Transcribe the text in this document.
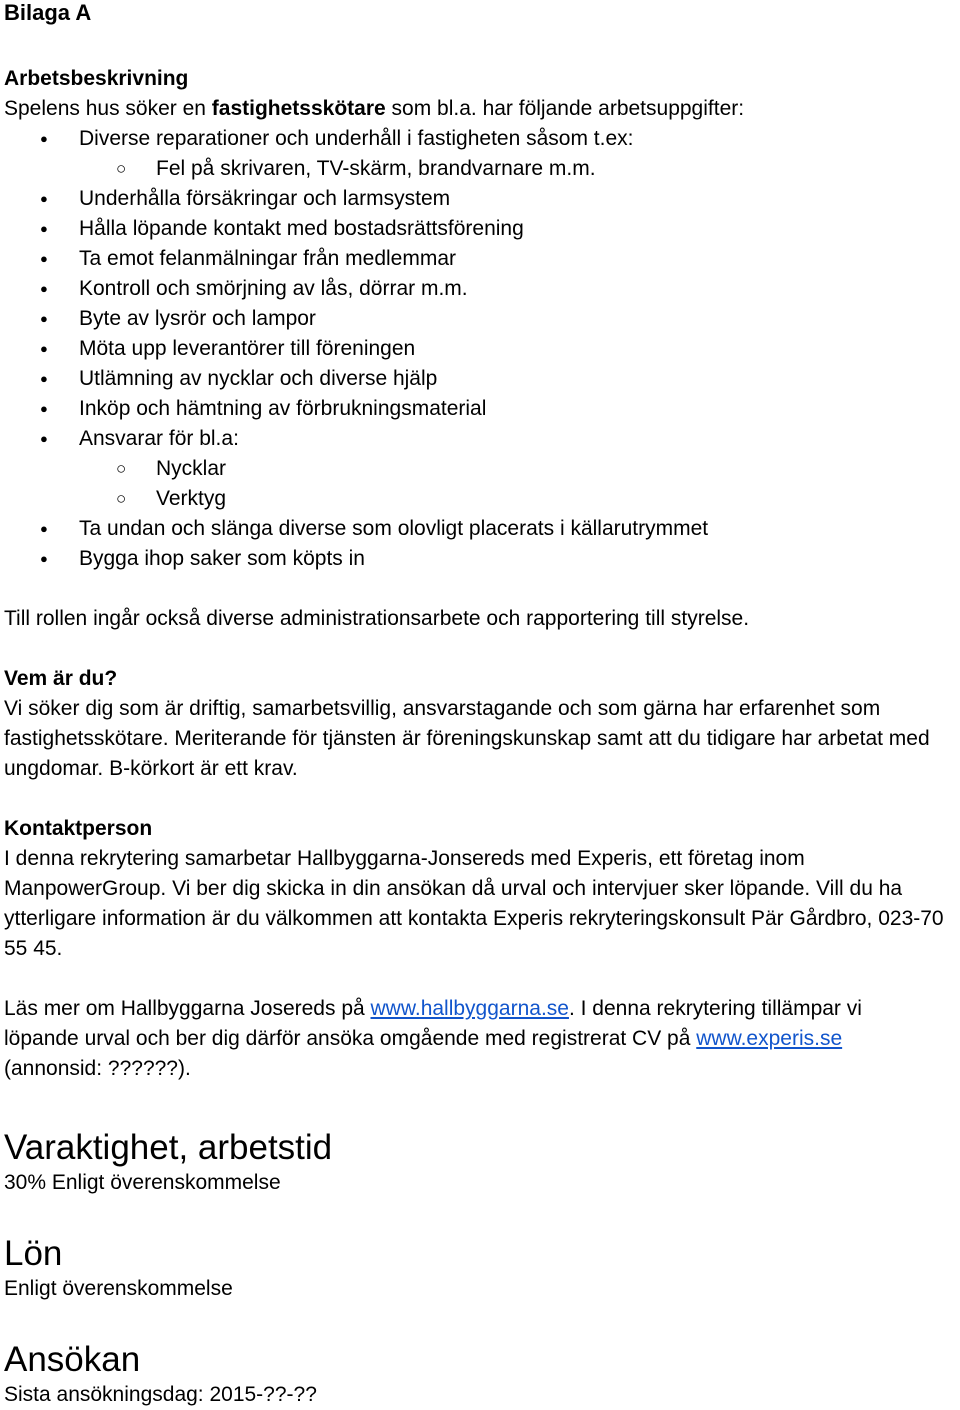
Bilaga A

Arbetsbeskrivning

Spelens hus söker en fastighetsskötare som bl.a. har följande arbetsuppgifter:

● Diverse reparationer och underhåll i fastigheten såsom t.ex:
○ Fel på skrivaren, TV-skärm, brandvarnare m.m.
● Underhålla försäkringar och larmsystem
● Hålla löpande kontakt med bostadsrättsförening
● Ta emot felanmälningar från medlemmar
● Kontroll och smörjning av lås, dörrar m.m.
● Byte av lysrör och lampor
● Möta upp leverantörer till föreningen
● Utlämning av nycklar och diverse hjälp
● Inköp och hämtning av förbrukningsmaterial
● Ansvarar för bl.a:
○ Nycklar
○ Verktyg
● Ta undan och slänga diverse som olovligt placerats i källarutrymmet
● Bygga ihop saker som köpts in

Till rollen ingår också diverse administrationsarbete och rapportering till styrelse.

Vem är du?

Vi söker dig som är driftig, samarbetsvillig, ansvarstagande och som gärna har erfarenhet som fastighetsskötare. Meriterande för tjänsten är föreningskunskap samt att du tidigare har arbetat med ungdomar. B-körkort är ett krav.

Kontaktperson

I denna rekrytering samarbetar Hallbyggarna-Jonsereds med Experis, ett företag inom ManpowerGroup. Vi ber dig skicka in din ansökan då urval och intervjuer sker löpande. Vill du ha ytterligare information är du välkommen att kontakta Experis rekryteringskonsult Pär Gårdbro, 023-70 55 45.

Läs mer om Hallbyggarna Josereds på www.hallbyggarna.se. I denna rekrytering tillämpar vi

löpande urval och ber dig därför ansöka omgående med registrerat CV på www.experis.se

(annonsid: ??????).

Varaktighet, arbetstid

30% Enligt överenskommelse

Lön

Enligt överenskommelse

Ansökan

Sista ansökningsdag: 2015-??-??
